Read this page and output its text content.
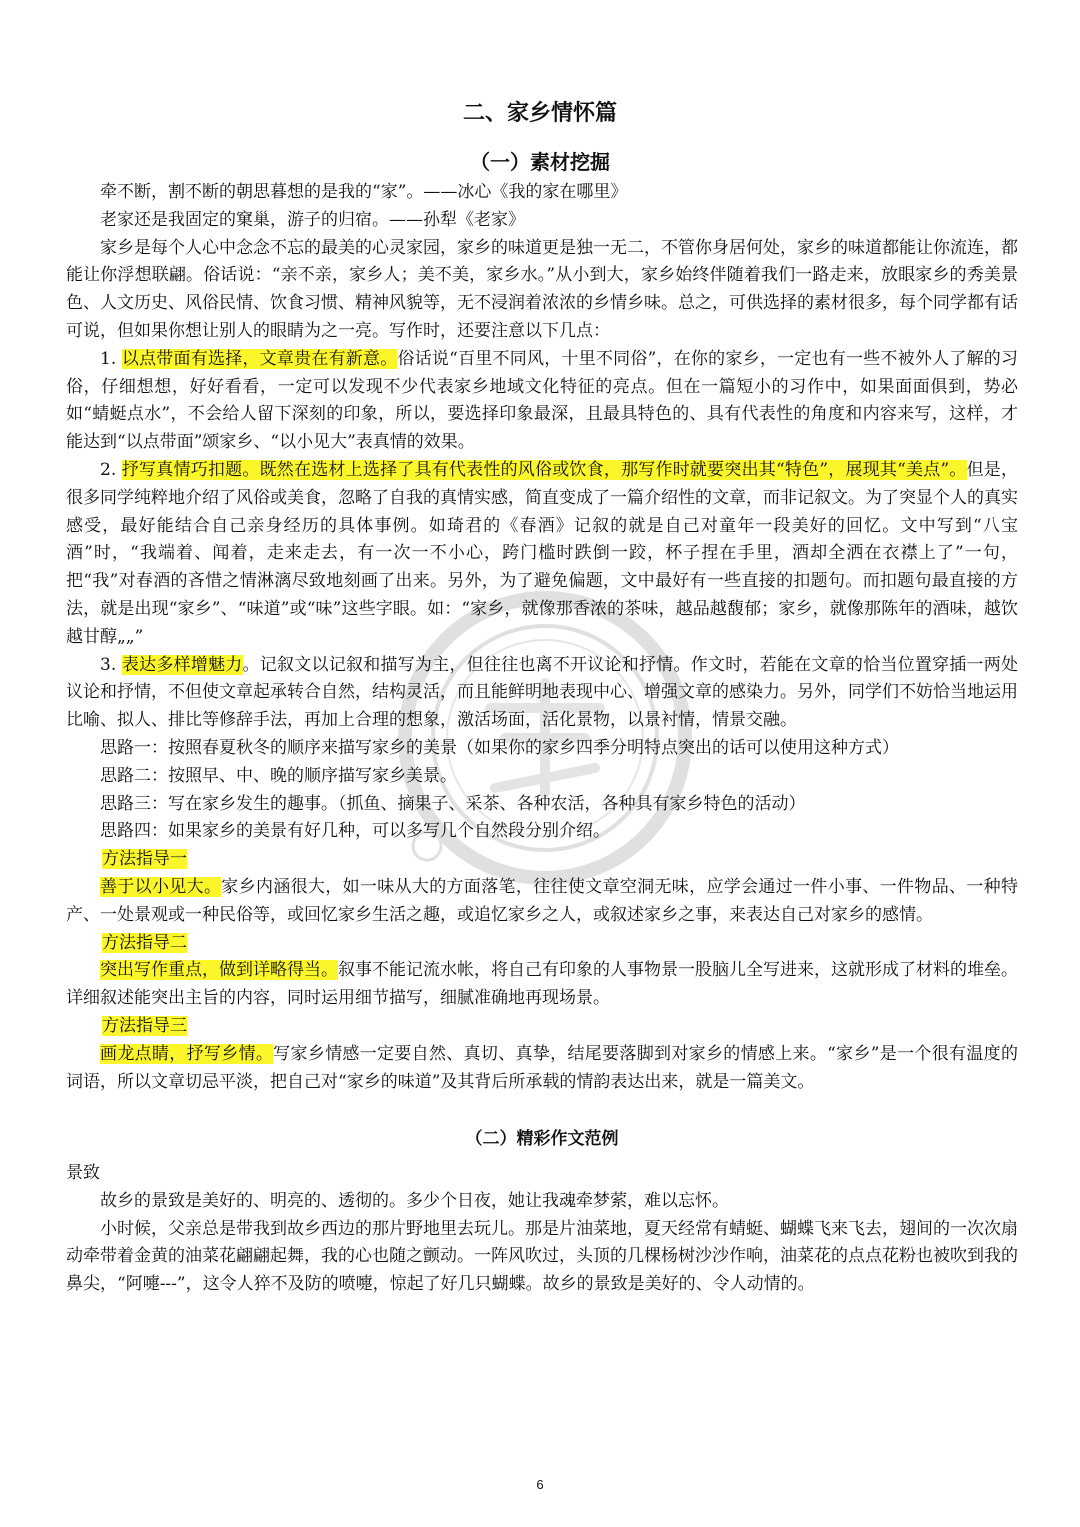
二、家乡情怀篇
（一）素材挖掘

牵不断，割不断的朝思暮想的是我的“家”。——冰心《我的家在哪里》

老家还是我固定的窠巢，游子的归宿。——孙犁《老家》

家乡是每个人心中念念不忘的最美的心灵家园，家乡的味道更是独一无二，不管你身居何处，家乡的味道都能让你流连，都能让你浮想联翩。俗话说：“亲不亲，家乡人；美不美，家乡水。”从小到大，家乡始终伴随着我们一路走来，放眼家乡的秀美景色、人文历史、风俗民情、饮食习惯、精神风貌等，无不浸润着浓浓的乡情乡味。总之，可供选择的素材很多，每个同学都有话可说，但如果你想让别人的眼睛为之一亮。写作时，还要注意以下几点：

1. 以点带面有选择，文章贵在有新意。俗话说“百里不同风，十里不同俗”，在你的家乡，一定也有一些不被外人了解的习俗，仔细想想，好好看看，一定可以发现不少代表家乡地域文化特征的亮点。但在一篇短小的习作中，如果面面俱到，势必如“蜻蜓点水”，不会给人留下深刻的印象，所以，要选择印象最深，且最具特色的、具有代表性的角度和内容来写，这样，才能达到“以点带面”颂家乡、“以小见大”表真情的效果。

2. 抒写真情巧扣题。既然在选材上选择了具有代表性的风俗或饮食，那写作时就要突出其“特色”，展现其“美点”。但是，很多同学纯粹地介绍了风俗或美食，忽略了自我的真情实感，简直变成了一篇介绍性的文章，而非记叙文。为了突显个人的真实感受，最好能结合自己亲身经历的具体事例。如琦君的《春酒》记叙的就是自己对童年一段美好的回忆。文中写到“八宝酒”时，“我端着、闻着，走来走去，有一次一不小心，跨门槛时跌倒一跤，杯子捏在手里，酒却全洒在衣襟上了”一句，把“我”对春酒的吝惜之情淋漓尽致地刻画了出来。另外，为了避免偏题，文中最好有一些直接的扣题句。而扣题句最直接的方法，就是出现“家乡”、“味道”或“味”这些字眼。如：“家乡，就像那香浓的茶味，越品越馥郁；家乡，就像那陈年的酒味，越饮越甘醇„„”

3. 表达多样增魅力。记叙文以记叙和描写为主，但往往也离不开议论和抒情。作文时，若能在文章的恰当位置穿插一两处议论和抒情，不但使文章起承转合自然，结构灵活，而且能鲜明地表现中心、增强文章的感染力。另外，同学们不妨恰当地运用比喻、拟人、排比等修辞手法，再加上合理的想象，激活场面，活化景物，以景衬情，情景交融。

思路一：按照春夏秋冬的顺序来描写家乡的美景（如果你的家乡四季分明特点突出的话可以使用这种方式）

思路二：按照早、中、晚的顺序描写家乡美景。

思路三：写在家乡发生的趣事。（抓鱼、摘果子、采茶、各种农活，各种具有家乡特色的活动）

思路四：如果家乡的美景有好几种，可以多写几个自然段分别介绍。

方法指导一

善于以小见大。家乡内涵很大，如一味从大的方面落笔，往往使文章空洞无味，应学会通过一件小事、一件物品、一种特产、一处景观或一种民俗等，或回忆家乡生活之趣，或追忆家乡之人，或叙述家乡之事，来表达自己对家乡的感情。

方法指导二

突出写作重点，做到详略得当。叙事不能记流水帐，将自己有印象的人事物景一股脑儿全写进来，这就形成了材料的堆垒。详细叙述能突出主旨的内容，同时运用细节描写，细腻准确地再现场景。

方法指导三

画龙点睛，抒写乡情。写家乡情感一定要自然、真切、真挚，结尾要落脚到对家乡的情感上来。“家乡”是一个很有温度的词语，所以文章切忌平淡，把自己对“家乡的味道”及其背后所承载的情韵表达出来，就是一篇美文。

（二）精彩作文范例

景致

故乡的景致是美好的、明亮的、透彻的。多少个日夜，她让我魂牵梦萦，难以忘怀。

小时候，父亲总是带我到故乡西边的那片野地里去玩儿。那是片油菜地，夏天经常有蜻蜓、蝴蝶飞来飞去，翅间的一次次扇动牵带着金黄的油菜花翩翩起舞，我的心也随之颤动。一阵风吹过，头顶的几棵杨树沙沙作响，油菜花的点点花粉也被吹到我的鼻尖，“阿嚏---”，这令人猝不及防的喷嚏，惊起了好几只蝴蝶。故乡的景致是美好的、令人动情的。

6
